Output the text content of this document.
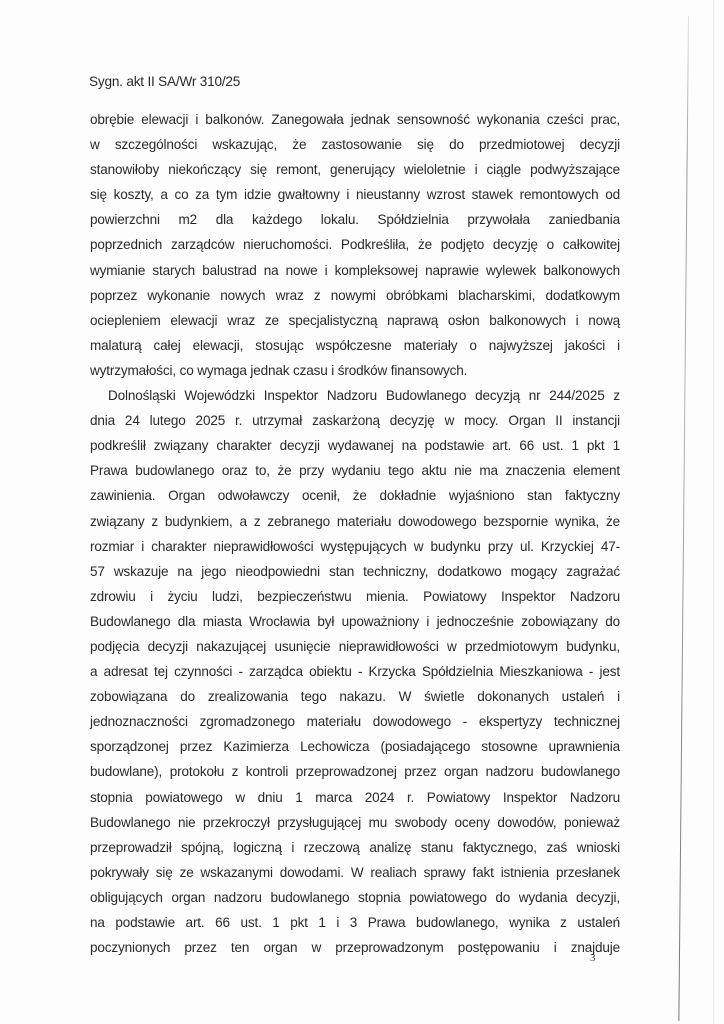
Sygn. akt II SA/Wr 310/25
obrębie elewacji i balkonów. Zanegowała jednak sensowność wykonania cześci prac,
w szczególności wskazując, że zastosowanie się do przedmiotowej decyzji
stanowiłoby niekończący się remont, generujący wieloletnie i ciągle podwyższające
się koszty, a co za tym idzie gwałtowny i nieustanny wzrost stawek remontowych od
powierzchni m2 dla każdego lokalu. Spółdzielnia przywołała zaniedbania
poprzednich zarządców nieruchomości. Podkreśliła, że podjęto decyzję o całkowitej
wymianie starych balustrad na nowe i kompleksowej naprawie wylewek balkonowych
poprzez wykonanie nowych wraz z nowymi obróbkami blacharskimi, dodatkowym
ociepleniem elewacji wraz ze specjalistyczną naprawą osłon balkonowych i nową
malaturą całej elewacji, stosując współczesne materiały o najwyższej jakości i
wytrzymałości, co wymaga jednak czasu i środków finansowych.
Dolnośląski Wojewódzki Inspektor Nadzoru Budowlanego decyzją nr 244/2025 z
dnia 24 lutego 2025 r. utrzymał zaskarżoną decyzję w mocy. Organ II instancji
podkreślił związany charakter decyzji wydawanej na podstawie art. 66 ust. 1 pkt 1
Prawa budowlanego oraz to, że przy wydaniu tego aktu nie ma znaczenia element
zawinienia. Organ odwoławczy ocenił, że dokładnie wyjaśniono stan faktyczny
związany z budynkiem, a z zebranego materiału dowodowego bezspornie wynika, że
rozmiar i charakter nieprawidłowości występujących w budynku przy ul. Krzyckiej 47-
57 wskazuje na jego nieodpowiedni stan techniczny, dodatkowo mogący zagrażać
zdrowiu i życiu ludzi, bezpieczeństwu mienia. Powiatowy Inspektor Nadzoru
Budowlanego dla miasta Wrocławia był upoważniony i jednocześnie zobowiązany do
podjęcia decyzji nakazującej usunięcie nieprawidłowości w przedmiotowym budynku,
a adresat tej czynności - zarządca obiektu - Krzycka Spółdzielnia Mieszkaniowa - jest
zobowiązana do zrealizowania tego nakazu. W świetle dokonanych ustaleń i
jednoznaczności zgromadzonego materiału dowodowego - ekspertyzy technicznej
sporządzonej przez Kazimierza Lechowicza (posiadającego stosowne uprawnienia
budowlane), protokołu z kontroli przeprowadzonej przez organ nadzoru budowlanego
stopnia powiatowego w dniu 1 marca 2024 r. Powiatowy Inspektor Nadzoru
Budowlanego nie przekroczył przysługującej mu swobody oceny dowodów, ponieważ
przeprowadził spójną, logiczną i rzeczową analizę stanu faktycznego, zaś wnioski
pokrywały się ze wskazanymi dowodami. W realiach sprawy fakt istnienia przesłanek
obligujących organ nadzoru budowlanego stopnia powiatowego do wydania decyzji,
na podstawie art. 66 ust. 1 pkt 1 i 3 Prawa budowlanego, wynika z ustaleń
poczynionych przez ten organ w przeprowadzonym postępowaniu i znajduje
3
